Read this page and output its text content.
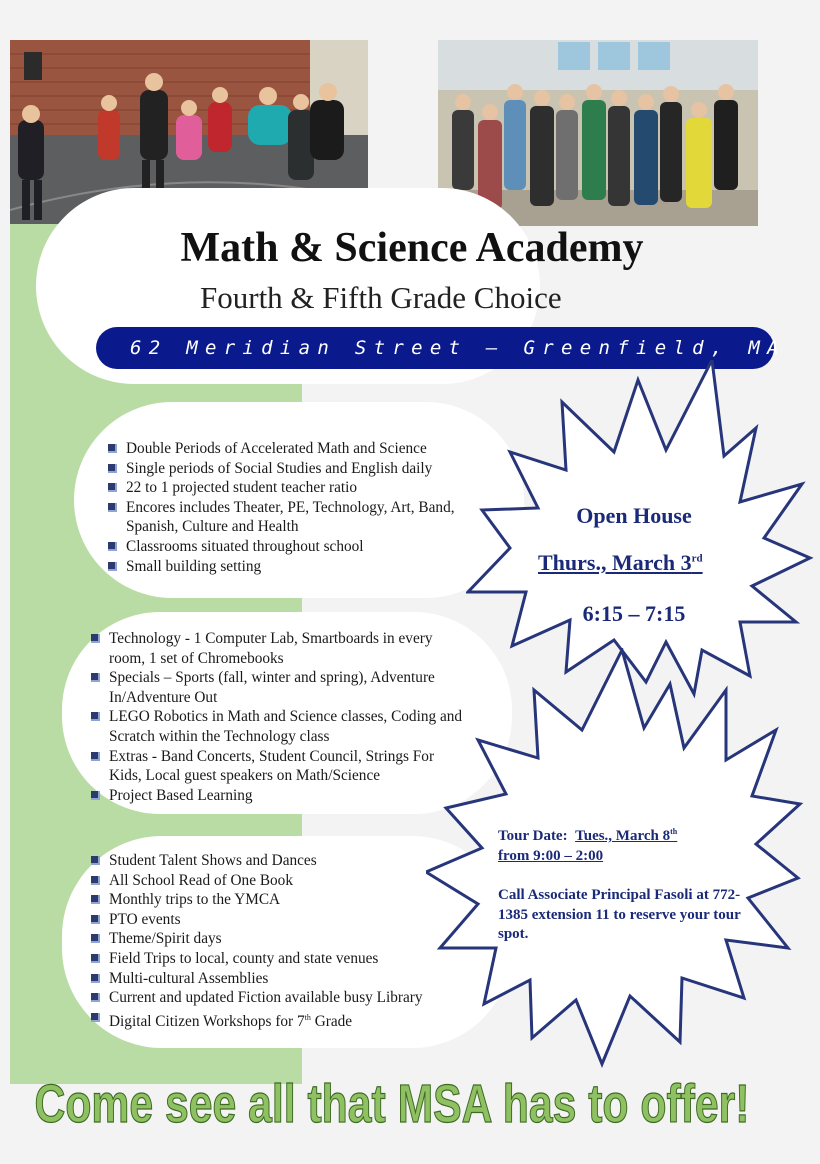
Math & Science Academy
Fourth & Fifth Grade Choice
62 Meridian Street – Greenfield, MA
Double Periods of Accelerated Math and Science
Single periods of Social Studies and English daily
22 to 1 projected student teacher ratio
Encores includes Theater, PE, Technology, Art, Band, Spanish, Culture and Health
Classrooms situated throughout school
Small building setting
Technology - 1 Computer Lab, Smartboards in every room, 1 set of Chromebooks
Specials – Sports (fall, winter and spring), Adventure In/Adventure Out
LEGO Robotics in Math and Science classes, Coding and Scratch within the Technology class
Extras - Band Concerts, Student Council, Strings For Kids, Local guest speakers on Math/Science
Project Based Learning
Student Talent Shows and Dances
All School Read of One Book
Monthly trips to the YMCA
PTO events
Theme/Spirit days
Field Trips to local, county and state venues
Multi-cultural Assemblies
Current and updated Fiction available busy Library
Digital Citizen Workshops for 7th Grade
Open House
Thurs., March 3rd
6:15 – 7:15

Tour Date: Tues., March 8th

from 9:00 – 2:00

Call Associate Principal Fasoli at 772-1385 extension 11 to reserve your tour spot.

Come see all that MSA has to offer!
